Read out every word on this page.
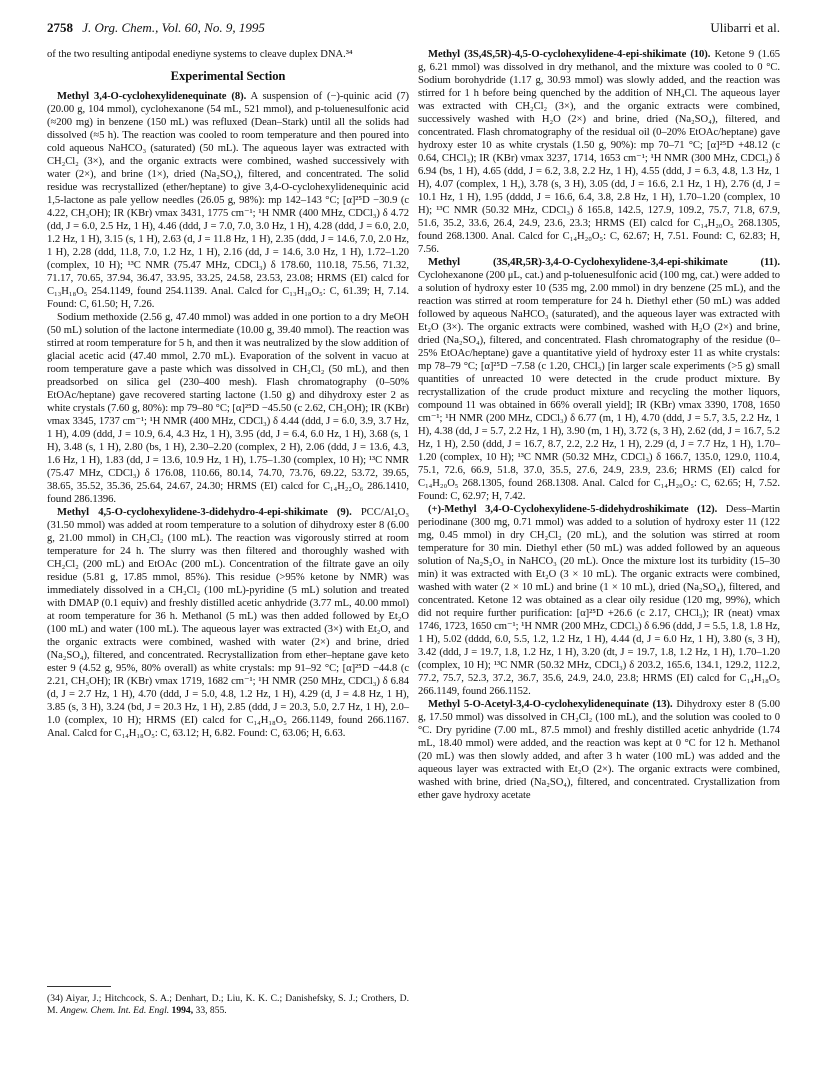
2758 J. Org. Chem., Vol. 60, No. 9, 1995	Ulibarri et al.

of the two resulting antipodal enediyne systems to cleave duplex DNA.³⁴

Experimental Section

Methyl 3,4-O-cyclohexylidenequinate (8). A suspension of (−)-quinic acid (7) (20.00 g, 104 mmol), cyclohexanone (54 mL, 521 mmol), and p-toluenesulfonic acid (≈200 mg) in benzene (150 mL) was refluxed (Dean–Stark) until all the solids had dissolved (≈5 h). The reaction was cooled to room temperature and then poured into cold aqueous NaHCO₃ (saturated) (50 mL). The aqueous layer was extracted with CH₂Cl₂ (3×), and the organic extracts were combined, washed successively with water (2×), and brine (1×), dried (Na₂SO₄), filtered, and concentrated. The solid residue was recrystallized (ether/heptane) to give 3,4-O-cyclohexylidenequinic acid 1,5-lactone as pale yellow needles (26.05 g, 98%): mp 142–143 °C; [α]²⁵D −30.9 (c 4.22, CH₃OH); IR (KBr) νmax 3431, 1775 cm⁻¹; ¹H NMR (400 MHz, CDCl₃) δ 4.72 (dd, J = 6.0, 2.5 Hz, 1 H), 4.46 (ddd, J = 7.0, 7.0, 3.0 Hz, 1 H), 4.28 (ddd, J = 6.0, 2.0, 1.2 Hz, 1 H), 3.15 (s, 1 H), 2.63 (d, J = 11.8 Hz, 1 H), 2.35 (ddd, J = 14.6, 7.0, 2.0 Hz, 1 H), 2.28 (ddd, 11.8, 7.0, 1.2 Hz, 1 H), 2.16 (dd, J = 14.6, 3.0 Hz, 1 H), 1.72–1.20 (complex, 10 H); ¹³C NMR (75.47 MHz, CDCl₃) δ 178.60, 110.18, 75.56, 71.32, 71.17, 70.65, 37.94, 36.47, 33.95, 33.25, 24.58, 23.53, 23.08; HRMS (EI) calcd for C₁₃H₁₈O₅ 254.1149, found 254.1139. Anal. Calcd for C₁₃H₁₈O₅: C, 61.39; H, 7.14. Found: C, 61.50; H, 7.26.

Sodium methoxide (2.56 g, 47.40 mmol) was added in one portion to a dry MeOH (50 mL) solution of the lactone intermediate (10.00 g, 39.40 mmol). The reaction was stirred at room temperature for 5 h, and then it was neutralized by the slow addition of glacial acetic acid (47.40 mmol, 2.70 mL). Evaporation of the solvent in vacuo at room temperature gave a paste which was dissolved in CH₂Cl₂ (50 mL), and then preadsorbed on silica gel (230–400 mesh). Flash chromatography (0–50% EtOAc/heptane) gave recovered starting lactone (1.50 g) and dihydroxy ester 2 as white crystals (7.60 g, 80%): mp 79–80 °C; [α]²⁵D −45.50 (c 2.62, CH₃OH); IR (KBr) νmax 3345, 1737 cm⁻¹; ¹H NMR (400 MHz, CDCl₃) δ 4.44 (ddd, J = 6.0, 3.9, 3.7 Hz, 1 H), 4.09 (ddd, J = 10.9, 6.4, 4.3 Hz, 1 H), 3.95 (dd, J = 6.4, 6.0 Hz, 1 H), 3.68 (s, 1 H), 3.48 (s, 1 H), 2.80 (bs, 1 H), 2.30–2.20 (complex, 2 H), 2.06 (ddd, J = 13.6, 4.3, 1.6 Hz, 1 H), 1.83 (dd, J = 13.6, 10.9 Hz, 1 H), 1.75–1.30 (complex, 10 H); ¹³C NMR (75.47 MHz, CDCl₃) δ 176.08, 110.66, 80.14, 74.70, 73.76, 69.22, 53.72, 39.65, 38.65, 35.52, 35.36, 25.64, 24.67, 24.30; HRMS (EI) calcd for C₁₄H₂₂O₆ 286.1410, found 286.1396.

Methyl 4,5-O-cyclohexylidene-3-didehydro-4-epi-shikimate (9). PCC/Al₂O₃ (31.50 mmol) was added at room temperature to a solution of dihydroxy ester 8 (6.00 g, 21.00 mmol) in CH₂Cl₂ (100 mL). The reaction was vigorously stirred at room temperature for 24 h. The slurry was then filtered and thoroughly washed with CH₂Cl₂ (200 mL) and EtOAc (200 mL). Concentration of the filtrate gave an oily residue (5.81 g, 17.85 mmol, 85%). This residue (>95% ketone by NMR) was immediately dissolved in a CH₂Cl₂ (100 mL)-pyridine (5 mL) solution and treated with DMAP (0.1 equiv) and freshly distilled acetic anhydride (3.77 mL, 40.00 mmol) at room temperature for 36 h. Methanol (5 mL) was then added followed by Et₂O (100 mL) and water (100 mL). The aqueous layer was extracted (3×) with Et₂O, and the organic extracts were combined, washed with water (2×) and brine, dried (Na₂SO₄), filtered, and concentrated. Recrystallization from ether–heptane gave keto ester 9 (4.52 g, 95%, 80% overall) as white crystals: mp 91–92 °C; [α]²⁵D −44.8 (c 2.21, CH₃OH); IR (KBr) νmax 1719, 1682 cm⁻¹; ¹H NMR (250 MHz, CDCl₃) δ 6.84 (d, J = 2.7 Hz, 1 H), 4.70 (ddd, J = 5.0, 4.8, 1.2 Hz, 1 H), 4.29 (d, J = 4.8 Hz, 1 H), 3.85 (s, 3 H), 3.24 (bd, J = 20.3 Hz, 1 H), 2.85 (ddd, J = 20.3, 5.0, 2.7 Hz, 1 H), 2.0–1.0 (complex, 10 H); HRMS (EI) calcd for C₁₄H₁₈O₅ 266.1149, found 266.1167. Anal. Calcd for C₁₄H₁₈O₅: C, 63.12; H, 6.82. Found: C, 63.06; H, 6.63.

(34) Aiyar, J.; Hitchcock, S. A.; Denhart, D.; Liu, K. K. C.; Danishefsky, S. J.; Crothers, D. M. Angew. Chem. Int. Ed. Engl. 1994, 33, 855.

Methyl (3S,4S,5R)-4,5-O-cyclohexylidene-4-epi-shikimate (10). Ketone 9 (1.65 g, 6.21 mmol) was dissolved in dry methanol, and the mixture was cooled to 0 °C. Sodium borohydride (1.17 g, 30.93 mmol) was slowly added, and the reaction was stirred for 1 h before being quenched by the addition of NH₄Cl. The aqueous layer was extracted with CH₂Cl₂ (3×), and the organic extracts were combined, successively washed with H₂O (2×) and brine, dried (Na₂SO₄), filtered, and concentrated. Flash chromatography of the residual oil (0–20% EtOAc/heptane) gave hydroxy ester 10 as white crystals (1.50 g, 90%): mp 70–71 °C; [α]²⁵D +48.12 (c 0.64, CHCl₃); IR (KBr) νmax 3237, 1714, 1653 cm⁻¹; ¹H NMR (300 MHz, CDCl₃) δ 6.94 (bs, 1 H), 4.65 (ddd, J = 6.2, 3.8, 2.2 Hz, 1 H), 4.55 (ddd, J = 6.3, 4.8, 1.3 Hz, 1 H), 4.07 (complex, 1 H,), 3.78 (s, 3 H), 3.05 (dd, J = 16.6, 2.1 Hz, 1 H), 2.76 (d, J = 10.1 Hz, 1 H), 1.95 (dddd, J = 16.6, 6.4, 3.8, 2.8 Hz, 1 H), 1.70–1.20 (complex, 10 H); ¹³C NMR (50.32 MHz, CDCl₃) δ 165.8, 142.5, 127.9, 109.2, 75.7, 71.8, 67.9, 51.6, 35.2, 33.6, 26.4, 24.9, 23.6, 23.3; HRMS (EI) calcd for C₁₄H₂₀O₅ 268.1305, found 268.1300. Anal. Calcd for C₁₄H₂₀O₅: C, 62.67; H, 7.51. Found: C, 62.83; H, 7.56.

Methyl (3S,4R,5R)-3,4-O-Cyclohexylidene-3,4-epi-shikimate (11). Cyclohexanone (200 μL, cat.) and p-toluenesulfonic acid (100 mg, cat.) were added to a solution of hydroxy ester 10 (535 mg, 2.00 mmol) in dry benzene (25 mL), and the reaction was stirred at room temperature for 24 h. Diethyl ether (50 mL) was added followed by aqueous NaHCO₃ (saturated), and the aqueous layer was extracted with Et₂O (3×). The organic extracts were combined, washed with H₂O (2×) and brine, dried (Na₂SO₄), filtered, and concentrated. Flash chromatography of the residue (0–25% EtOAc/heptane) gave a quantitative yield of hydroxy ester 11 as white crystals: mp 78–79 °C; [α]²⁵D −7.58 (c 1.20, CHCl₃) [in larger scale experiments (>5 g) small quantities of unreacted 10 were detected in the crude product mixture. By recrystallization of the crude product mixture and recycling the mother liquors, compound 11 was obtained in 66% overall yield]; IR (KBr) νmax 3390, 1708, 1650 cm⁻¹; ¹H NMR (200 MHz, CDCl₃) δ 6.77 (m, 1 H), 4.70 (ddd, J = 5.7, 3.5, 2.2 Hz, 1 H), 4.38 (dd, J = 5.7, 2.2 Hz, 1 H), 3.90 (m, 1 H), 3.72 (s, 3 H), 2.62 (dd, J = 16.7, 5.2 Hz, 1 H), 2.50 (ddd, J = 16.7, 8.7, 2.2, 2.2 Hz, 1 H), 2.29 (d, J = 7.7 Hz, 1 H), 1.70–1.20 (complex, 10 H); ¹³C NMR (50.32 MHz, CDCl₃) δ 166.7, 135.0, 129.0, 110.4, 75.1, 72.6, 66.9, 51.8, 37.0, 35.5, 27.6, 24.9, 23.9, 23.6; HRMS (EI) calcd for C₁₄H₂₀O₅ 268.1305, found 268.1308. Anal. Calcd for C₁₄H₂₀O₅: C, 62.65; H, 7.52. Found: C, 62.97; H, 7.42.

(+)-Methyl 3,4-O-Cyclohexylidene-5-didehydroshikimate (12). Dess–Martin periodinane (300 mg, 0.71 mmol) was added to a solution of hydroxy ester 11 (122 mg, 0.45 mmol) in dry CH₂Cl₂ (20 mL), and the solution was stirred at room temperature for 30 min. Diethyl ether (50 mL) was added followed by an aqueous solution of Na₂S₂O₃ in NaHCO₃ (20 mL). Once the mixture lost its turbidity (15–30 min) it was extracted with Et₂O (3 × 10 mL). The organic extracts were combined, washed with water (2 × 10 mL) and brine (1 × 10 mL), dried (Na₂SO₄), filtered, and concentrated. Ketone 12 was obtained as a clear oily residue (120 mg, 99%), which did not require further purification: [α]²⁵D +26.6 (c 2.17, CHCl₃); IR (neat) νmax 1746, 1723, 1650 cm⁻¹; ¹H NMR (200 MHz, CDCl₃) δ 6.96 (ddd, J = 5.5, 1.8, 1.8 Hz, 1 H), 5.02 (dddd, 6.0, 5.5, 1.2, 1.2 Hz, 1 H), 4.44 (d, J = 6.0 Hz, 1 H), 3.80 (s, 3 H), 3.42 (ddd, J = 19.7, 1.8, 1.2 Hz, 1 H), 3.20 (dt, J = 19.7, 1.8, 1.2 Hz, 1 H), 1.70–1.20 (complex, 10 H); ¹³C NMR (50.32 MHz, CDCl₃) δ 203.2, 165.6, 134.1, 129.2, 112.2, 77.2, 75.7, 52.3, 37.2, 36.7, 35.6, 24.9, 24.0, 23.8; HRMS (EI) calcd for C₁₄H₁₈O₅ 266.1149, found 266.1152.

Methyl 5-O-Acetyl-3,4-O-cyclohexylidenequinate (13). Dihydroxy ester 8 (5.00 g, 17.50 mmol) was dissolved in CH₂Cl₂ (100 mL), and the solution was cooled to 0 °C. Dry pyridine (7.00 mL, 87.5 mmol) and freshly distilled acetic anhydride (1.74 mL, 18.40 mmol) were added, and the reaction was kept at 0 °C for 12 h. Methanol (20 mL) was then slowly added, and after 3 h water (100 mL) was added and the aqueous layer was extracted with Et₂O (2×). The organic extracts were combined, washed with brine, dried (Na₂SO₄), filtered, and concentrated. Crystallization from ether gave hydroxy acetate
